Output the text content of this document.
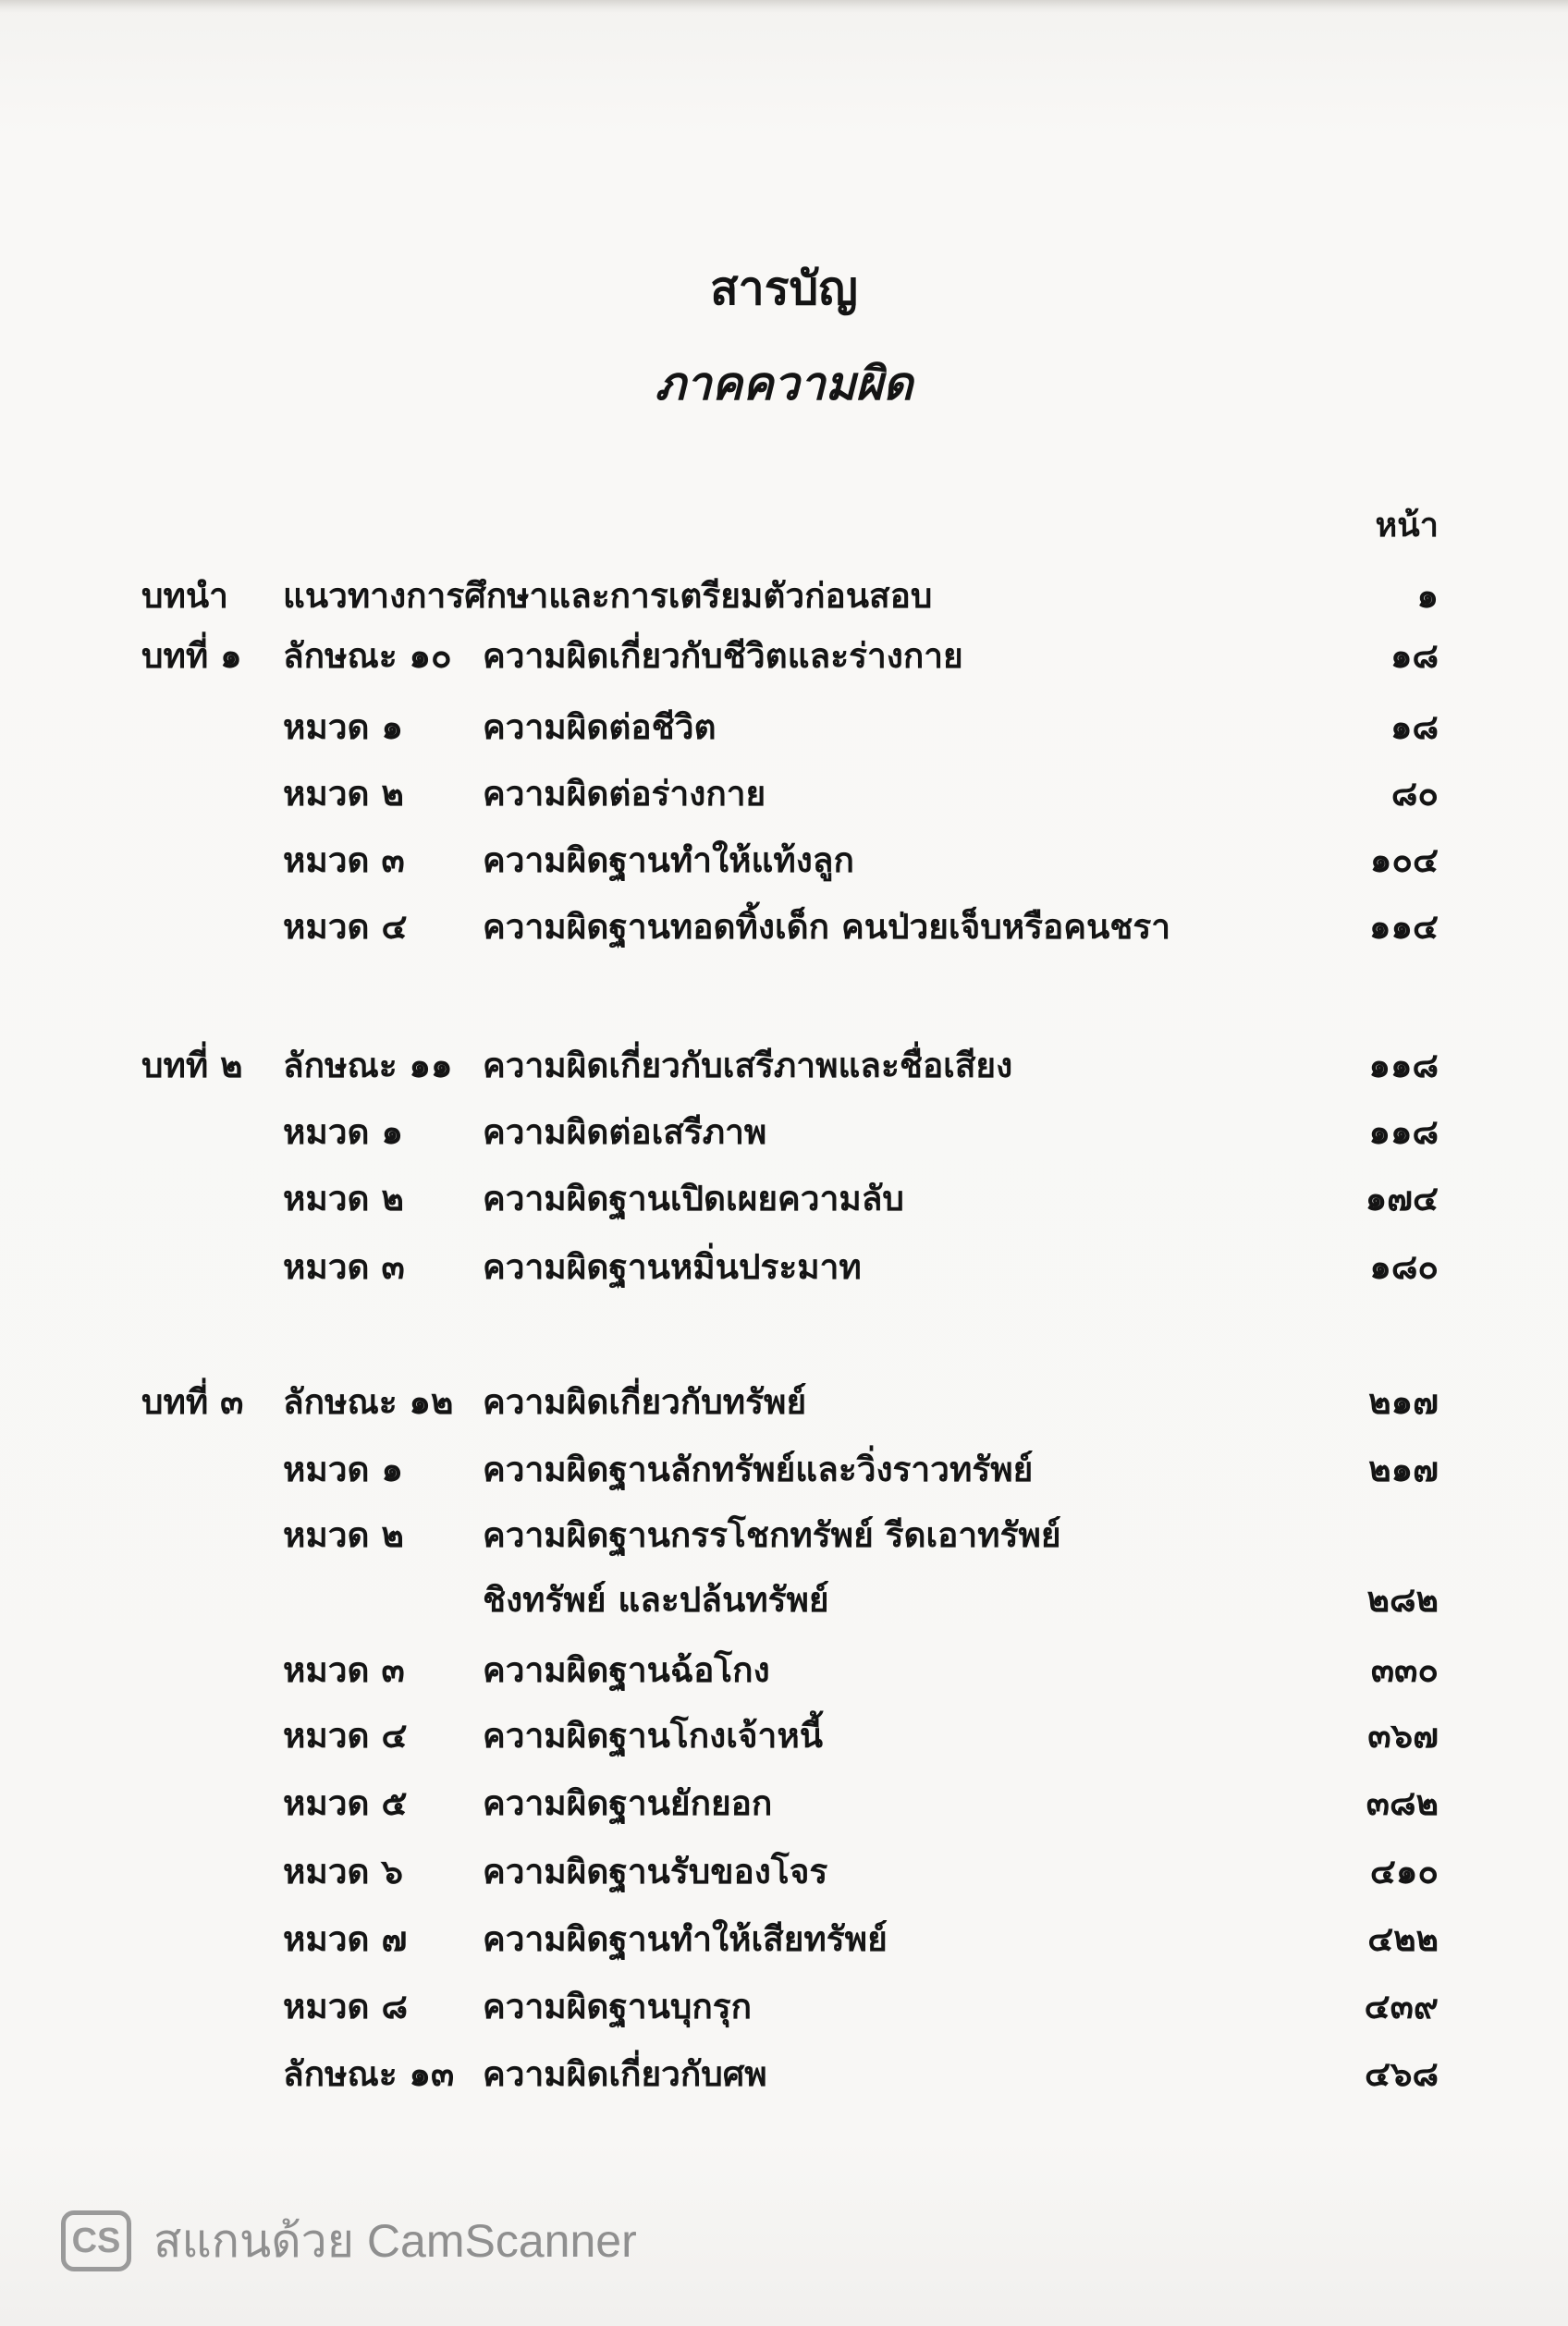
สารบัญ
ภาคความผิด
หน้า
บทนำ แนวทางการศึกษาและการเตรียมตัวก่อนสอบ	๑
บทที่ ๑ ลักษณะ ๑๐ ความผิดเกี่ยวกับชีวิตและร่างกาย	๑๘
หมวด ๑ ความผิดต่อชีวิต	๑๘
หมวด ๒ ความผิดต่อร่างกาย	๘๐
หมวด ๓ ความผิดฐานทำให้แท้งลูก	๑๐๔
หมวด ๔ ความผิดฐานทอดทิ้งเด็ก คนป่วยเจ็บหรือคนชรา	๑๑๔
บทที่ ๒ ลักษณะ ๑๑ ความผิดเกี่ยวกับเสรีภาพและชื่อเสียง	๑๑๘
หมวด ๑ ความผิดต่อเสรีภาพ	๑๑๘
หมวด ๒ ความผิดฐานเปิดเผยความลับ	๑๗๔
หมวด ๓ ความผิดฐานหมิ่นประมาท	๑๘๐
บทที่ ๓ ลักษณะ ๑๒ ความผิดเกี่ยวกับทรัพย์	๒๑๗
หมวด ๑ ความผิดฐานลักทรัพย์และวิ่งราวทรัพย์	๒๑๗
หมวด ๒ ความผิดฐานกรรโชกทรัพย์ รีดเอาทรัพย์
ชิงทรัพย์ และปล้นทรัพย์	๒๘๒
หมวด ๓ ความผิดฐานฉ้อโกง	๓๓๐
หมวด ๔ ความผิดฐานโกงเจ้าหนี้	๓๖๗
หมวด ๕ ความผิดฐานยักยอก	๓๘๒
หมวด ๖ ความผิดฐานรับของโจร	๔๑๐
หมวด ๗ ความผิดฐานทำให้เสียทรัพย์	๔๒๒
หมวด ๘ ความผิดฐานบุกรุก	๔๓๙
ลักษณะ ๑๓ ความผิดเกี่ยวกับศพ	๔๖๘
CS สแกนด้วย CamScanner
